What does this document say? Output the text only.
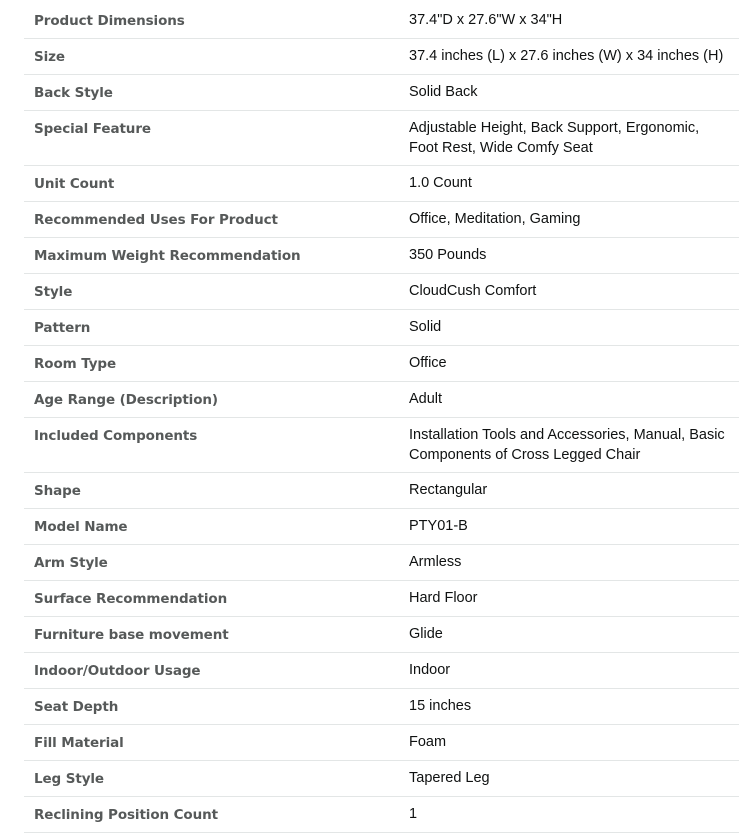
Product Dimensions	37.4"D x 27.6"W x 34"H
Size	37.4 inches (L) x 27.6 inches (W) x 34 inches (H)
Back Style	Solid Back
Special Feature	Adjustable Height, Back Support, Ergonomic, Foot Rest, Wide Comfy Seat
Unit Count	1.0 Count
Recommended Uses For Product	Office, Meditation, Gaming
Maximum Weight Recommendation	350 Pounds
Style	CloudCush Comfort
Pattern	Solid
Room Type	Office
Age Range (Description)	Adult
Included Components	Installation Tools and Accessories, Manual, Basic Components of Cross Legged Chair
Shape	Rectangular
Model Name	PTY01-B
Arm Style	Armless
Surface Recommendation	Hard Floor
Furniture base movement	Glide
Indoor/Outdoor Usage	Indoor
Seat Depth	15 inches
Fill Material	Foam
Leg Style	Tapered Leg
Reclining Position Count	1
